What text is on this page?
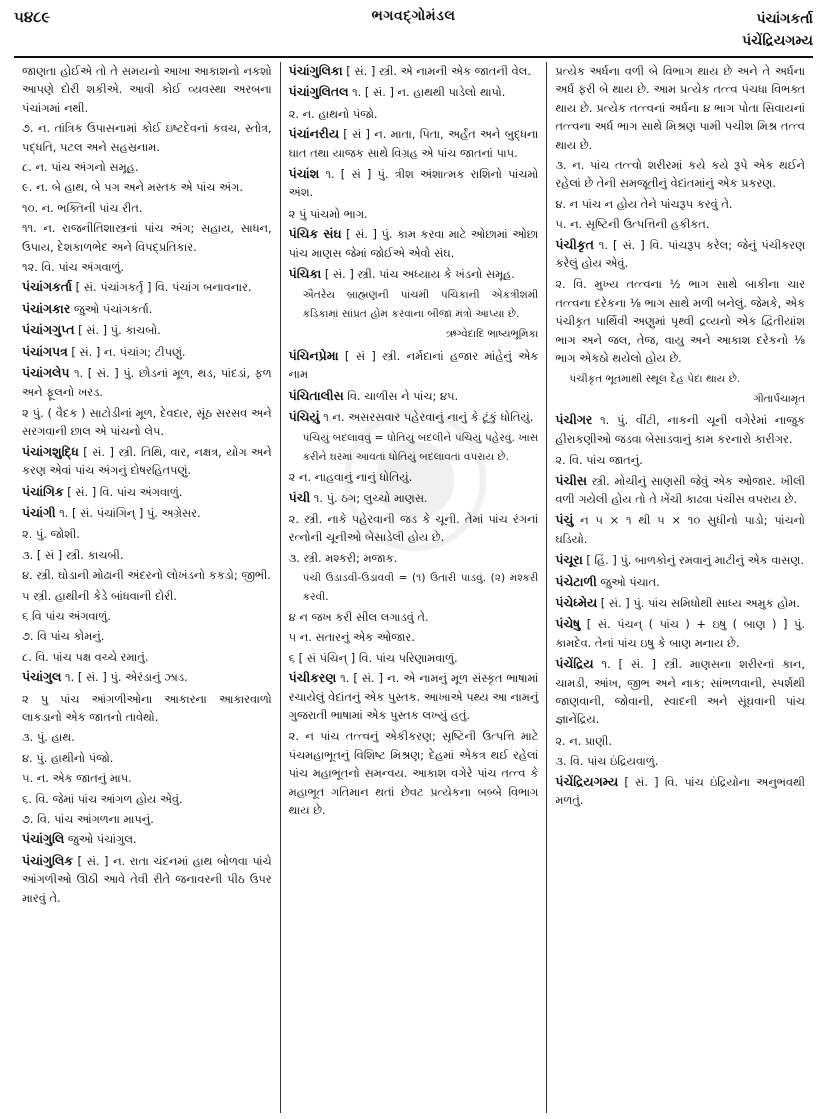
૫૪૮૯	ભગવદ્ગોમંડલ	પંચાંગકર્તા
પંચેંદ્રિયગમ્ય
જાણતા હોઈએ તો તે સમયનો આખા આકાશનો નકશો આપણે દોરી શકીએ. આવી કોઈ વ્યવસ્થા અરબના પંચાંગમાં નથી.
૭. ન. તાંત્રિક ઉપાસનામાં કોઈ ઇષ્ટદેવનાં કવચ, સ્તોત્ર, પદ્ધતિ, પટલ અને સહસ્રનામ.
૮. ન. પાંચ અંગનો સમૂહ.
૯. ન. બે હાથ, બે પગ અને મસ્તક એ પાંચ અંગ.
૧૦. ન. ભક્તિની પાંચ રીત.
૧૧. ન. રાજનીતિશાસ્ત્રનાં પાંચ અંગ; સહાય, સાધન, ઉપાય, દેશકાળભેદ અને વિપદ્પ્રતિકાર.
૧૨. વિ. પાંચ અંગવાળું.
પંચાંગકર્તા [ સં. પંચાંગકર્તૃ ] વિ. પંચાંગ બનાવનાર.
પંચાંગકાર જુઓ પંચાંગકર્તા.
પંચાંગગુપ્ત [ સં. ] પું. કાચબો.
પંચાંગપત્ર [ સં. ] ન. પંચાંગ; ટીપણું.
પંચાંગલેપ ૧. [ સં. ] પું. છોડનાં મૂળ, થડ, પાંદડાં, ફળ અને ફૂલનો ખરડ.
૨ પું. ( વૈદક ) સાટોડીનાં મૂળ, દેવદાર, સૂંઠ સરસવ અને સરગવાની છાલ એ પાંચનો લેપ.
પંચાંગશુદ્ધિ [ સં. ] સ્ત્રી. તિથિ, વાર, નક્ષત્ર, યોગ અને કરણ એવાં પાંચ અંગનું દોષરહિતપણું.
પંચાંગિક [ સં. ] વિ. પાંચ અંગવાળું.
પંચાંગી ૧. [ સં. પંચાંગિન્ ] પું. અગ્રેસર.
૨. પું. જોશી.
૩. [ સં ] સ્ત્રી. કાચબી.
૪. સ્ત્રી. ઘોડાની મોઢાની અંદરનો લોખંડનો કકડો; જીભી.
૫ સ્ત્રી. હાથીની કેડે બાંધવાની દોરી.
૬ વિ પાંચ અંગવાળું.
૭. વિ પાંચ કોમનું.
૮. વિ. પાંચ પક્ષ વચ્ચે રમાતું.
પંચાંગુલ ૧. [ સં. ] પું. એરંડાનું ઝાડ.
૨ પુ પાંચ આંગળીઓના આકારના આકારવાળો લાકડાનો એક જાતનો તાવેથો.
૩. પું. હાથ.
૪. પું. હાથીનો પંજો.
૫. ન. એક જાતનું માપ.
૬. વિ. જેમાં પાંચ આંગળ હોય એવું.
૭. વિ. પાંચ આંગળના માપનું.
પંચાંગુલિ જુઓ પંચાંગુલ.
પંચાંગુલિક [ સં. ] ન. રાતા ચંદનમાં હાથ બોળવા પાંચે આંગળીઓ ઊઠી આવે તેવી રીતે જનાવરની પીઠ ઉપર મારવું તે.
પંચાંગુલિકા [ સં. ] સ્ત્રી. એ નામની એક જાતની વેલ.
પંચાંગુલિતલ ૧. [ સં. ] ન. હાથથી પાડેલો થાપો.
૨. ન. હાથનો પંજો.
પંચાંનરીય [ સં ] ન. માતા, પિતા, અર્હંત અને બુદ્ધના ઘાત તથા યાજક સાથે વિગ્રહ એ પાંચ જાતનાં પાપ.
પંચાંશ ૧. [ સં ] પું. ત્રીશ અંશાત્મક રાશિનો પાંચમો અંશ.
૨ પું પાંચમો ભાગ.
પંચિક સંઘ [ સં. ] પું. કામ કરવા માટે ઓછામાં ઓછા પાંચ માણસ જેમાં જોઈએ એવો સંઘ.
પંચિકા [ સં. ] સ્ત્રી. પાંચ અધ્યાય કે ખંડનો સમૂહ.
ઐતરેય બ્રાહ્મણની પાંચમી પંચિકાની એકત્રીશમી કંડિકામાં સાંપ્રત હોમ કરવાના બીજા મંત્રો આપ્યા છે.
ઋગ્વેદાદિ ભાષ્યભૂમિકા
પંચિનપ્રેમા [ સં ] સ્ત્રી. નર્મદાનાં હજાર માંહેનું એક નામ
પંચિતાલીસ વિ. ચાળીસ ને પાંચ; ૪૫.
પંચિયું ૧ ન. અસરસવાર પહેરવાનું નાનું કે ટૂંકું ધોતિયું.
પંચિયું બદલાવવું = ધોતિયું બદલીને પંચિયું પહેરવું. ખાસ કરીને ઘરમાં આવતાં ધોતિયું બદલાવતાં વપરાય છે.
૨ ન. નાહવાનું નાનું ધોતિયું.
પંચી ૧. પું. ઠગ; લુચ્ચો માણસ.
૨. સ્ત્રી. નાકે પહેરવાની જડ કે ચૂની. તેમાં પાંચ રંગનાં રત્નોની ચૂનીઓ બેસાડેલી હોય છે.
૩. સ્ત્રી. મશ્કરી; મજાક.
પંચી ઉડાડવી-ઉડાવવી = (૧) ઉતારી પાડવું. (૨) મશ્કરી કરવી.
૪ ન જખ કરી સીલ લગાડવું તે.
૫ ન. સતારનું એક ઓજાર.
૬ [ સં પંચિન્ ] વિ. પાંચ પરિણામવાળું.
પંચીકરણ ૧. [ સં. ] ન. એ નામનું મૂળ સંસ્કૃત ભાષામાં રચાયેલું વેદાંતનું એક પુસ્તક. આખાએ પથ્ય આ નામનું ગુજરાતી ભાષામાં એક પુસ્તક લખ્યું હતું.
૨. ન પાંચ તત્ત્વનું એકીકરણ; સૃષ્ટિની ઉત્પત્તિ માટે પંચમહાભૂતનું વિશિષ્ટ મિશ્રણ; દેહમાં એકત્ર થઈ રહેલાં પાંચ મહાભૂતનો સમન્વય. આકાશ વગેરે પાંચ તત્ત્વ કે મહાભૂત ગતિમાન થતાં છેવટ પ્રત્યેકના બબ્બે વિભાગ થાય છે.
પ્રત્યેક અર્ધના વળી બે વિભાગ થાય છે અને તે અર્ધના અર્ધ ફરી બે થાય છે. આમ પ્રત્યેક તત્ત્વ પંચધા વિભક્ત થાય છે. પ્રત્યેક તત્ત્વનાં અર્ધના ૪ ભાગ પોતા સિવાયનાં તત્ત્વના અર્ધ ભાગ સાથે મિશ્રણ પામી પચીશ મિશ્ર તત્ત્વ થાય છે.
૩. ન. પાંચ તત્ત્વો શરીરમાં કયે કયે રૂપે એક થઈને રહેલાં છે તેની સમજૂતીનું વેદાંતમાંનું એક પ્રકરણ.
૪. ન પાંચ ન હોય તેને પાંચરૂપ કરવું તે.
૫. ન. સૃષ્ટિની ઉત્પત્તિની હકીકત.
પંચીકૃત ૧. [ સં. ] વિ. પાંચરૂપ કરેલ; જેનું પંચીકરણ કરેલું હોય એવું.
૨. વિ. મુખ્ય તત્ત્વના ½ ભાગ સાથે બાકીના ચાર તત્ત્વના દરેકના ⅛ ભાગ સાથે મળી બનેલું. જેમકે, એક પંચીકૃત પાર્થિવી અણુમાં પૃથ્વી દ્રવ્યનો એક દ્વિતીયાંશ ભાગ અને જલ, તેજ, વાયુ અને આકાશ દરેકનો ⅛ ભાગ એકઠો થયેલો હોય છે.
પંચીકૃત ભૂતમાંથી સ્થૂલ દેહ પેદા થાય છે.
ગીતાર્પંચામૃત
પંચીગર ૧. પું. વીંટી, નાકની ચૂની વગેરેમાં નાજુક હીરાકણીઓ જડવા બેસાડવાનું કામ કરનારો કારીગર.
૨. વિ. પાંચ જાતનું.
પંચીસ સ્ત્રી. મોચીનું સાણસી જેવું એક ઓજાર. ખીલી વળી ગયેલી હોય તો તે ખેંચી કાઢવા પંચીસ વપરાય છે.
પંચું ન ૫ × ૧ થી ૫ × ૧૦ સુધીનો પાડો; પાંચનો ઘડિયો.
પંચૂરા [ હિં. ] પું. બાળકોનું રમવાનું માટીનું એક વાસણ.
પંચેટાળી જુઓ પંચાત.
પંચેધ્મેય [ સં. ] પું. પાંચ સમિધોથી સાધ્ય અમુક હોમ.
પંચેષુ [ સં. પંચન્ ( પાંચ ) + ઇષુ ( બાણ ) ] પું. કામદેવ. તેનાં પાંચ ઇષુ કે બાણ મનાય છે.
પંચેંદ્રિય ૧. [ સં. ] સ્ત્રી. માણસના શરીરનાં કાન, ચામડી, આંખ, જીભ અને નાક; સાંભળવાની, સ્પર્શથી જાણવાની, જોવાની, સ્વાદની અને સૂંઘવાની પાંચ જ્ઞાનેંદ્રિય.
૨. ન. પ્રાણી.
૩. વિ. પાંચ ઇંદ્રિયવાળું.
પંચેંદ્રિયગમ્ય [ સં. ] વિ. પાંચ ઇંદ્રિયોના અનુભવથી મળતું.
